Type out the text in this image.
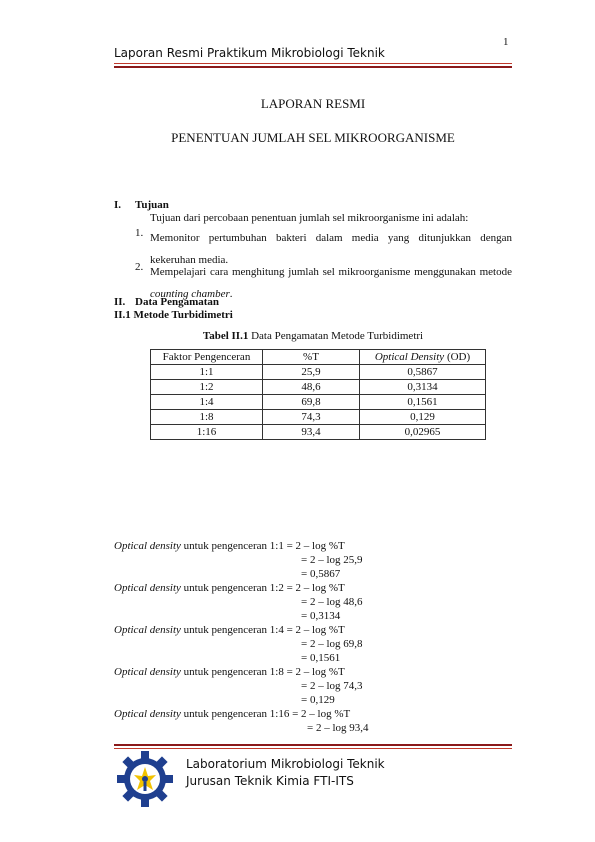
1
Laporan Resmi Praktikum Mikrobiologi Teknik
LAPORAN RESMI
PENENTUAN JUMLAH SEL MIKROORGANISME
I. Tujuan
Tujuan dari percobaan penentuan jumlah sel mikroorganisme ini adalah:
1. Memonitor pertumbuhan bakteri dalam media yang ditunjukkan dengan kekeruhan media.
2. Mempelajari cara menghitung jumlah sel mikroorganisme menggunakan metode counting chamber.
II. Data Pengamatan
II.1 Metode Turbidimetri
Tabel II.1 Data Pengamatan Metode Turbidimetri
Faktor Pengenceran	%T	Optical Density (OD)
1:1	25,9	0,5867
1:2	48,6	0,3134
1:4	69,8	0,1561
1:8	74,3	0,129
1:16	93,4	0,02965
Optical density untuk pengenceran 1:1 = 2 – log %T
= 2 – log 25,9
= 0,5867
Optical density untuk pengenceran 1:2 = 2 – log %T
= 2 – log 48,6
= 0,3134
Optical density untuk pengenceran 1:4 = 2 – log %T
= 2 – log 69,8
= 0,1561
Optical density untuk pengenceran 1:8 = 2 – log %T
= 2 – log 74,3
= 0,129
Optical density untuk pengenceran 1:16 = 2 – log %T
= 2 – log 93,4
Laboratorium Mikrobiologi Teknik
Jurusan Teknik Kimia FTI-ITS
